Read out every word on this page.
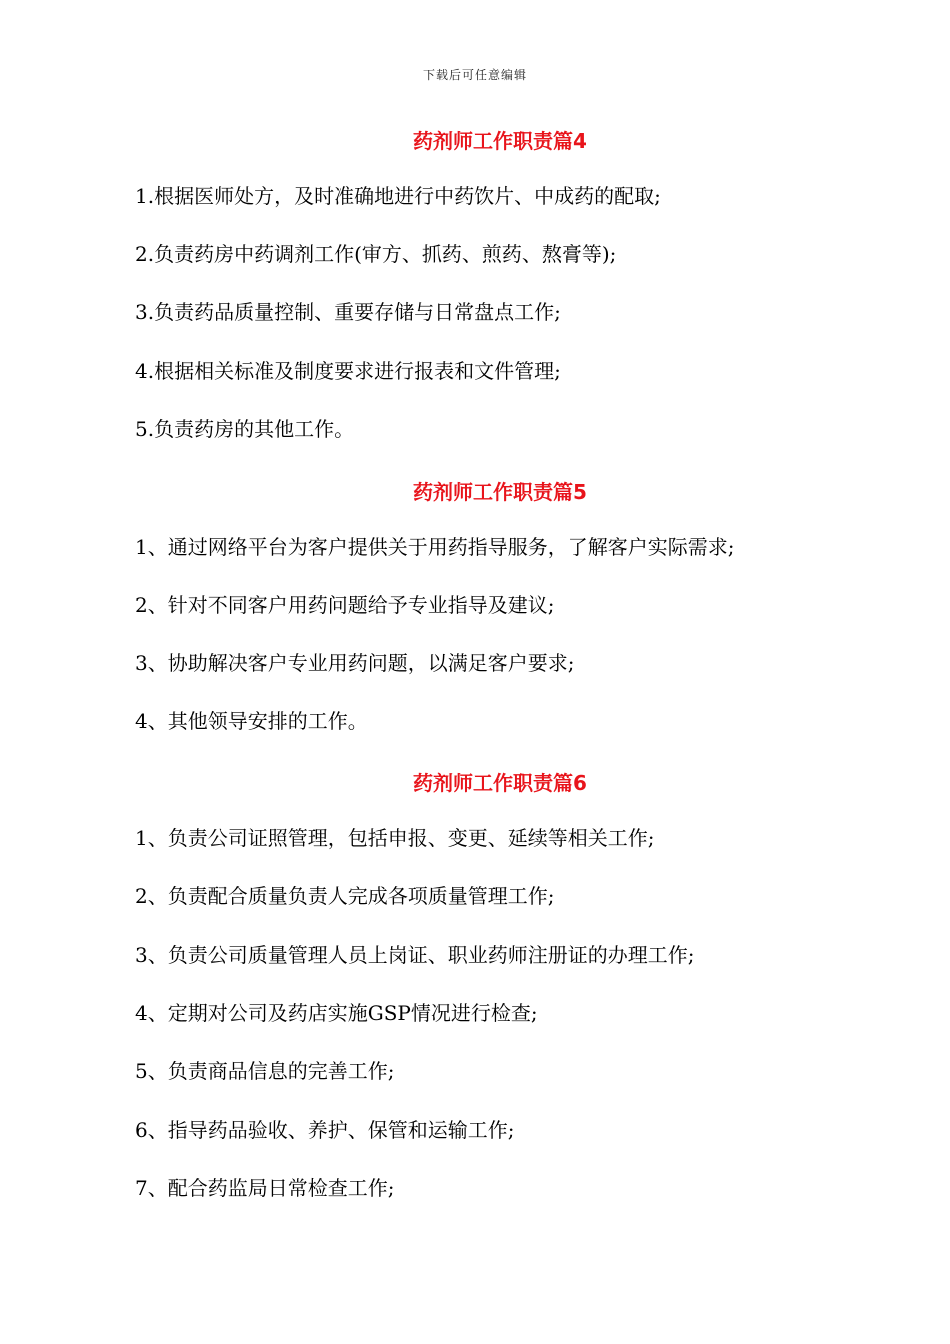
下载后可任意编辑
药剂师工作职责篇4
1.根据医师处方，及时准确地进行中药饮片、中成药的配取;
2.负责药房中药调剂工作(审方、抓药、煎药、熬膏等);
3.负责药品质量控制、重要存储与日常盘点工作;
4.根据相关标准及制度要求进行报表和文件管理;
5.负责药房的其他工作。
药剂师工作职责篇5
1、通过网络平台为客户提供关于用药指导服务，了解客户实际需求;
2、针对不同客户用药问题给予专业指导及建议;
3、协助解决客户专业用药问题，以满足客户要求;
4、其他领导安排的工作。
药剂师工作职责篇6
1、负责公司证照管理，包括申报、变更、延续等相关工作;
2、负责配合质量负责人完成各项质量管理工作;
3、负责公司质量管理人员上岗证、职业药师注册证的办理工作;
4、定期对公司及药店实施GSP情况进行检查;
5、负责商品信息的完善工作;
6、指导药品验收、养护、保管和运输工作;
7、配合药监局日常检查工作;
